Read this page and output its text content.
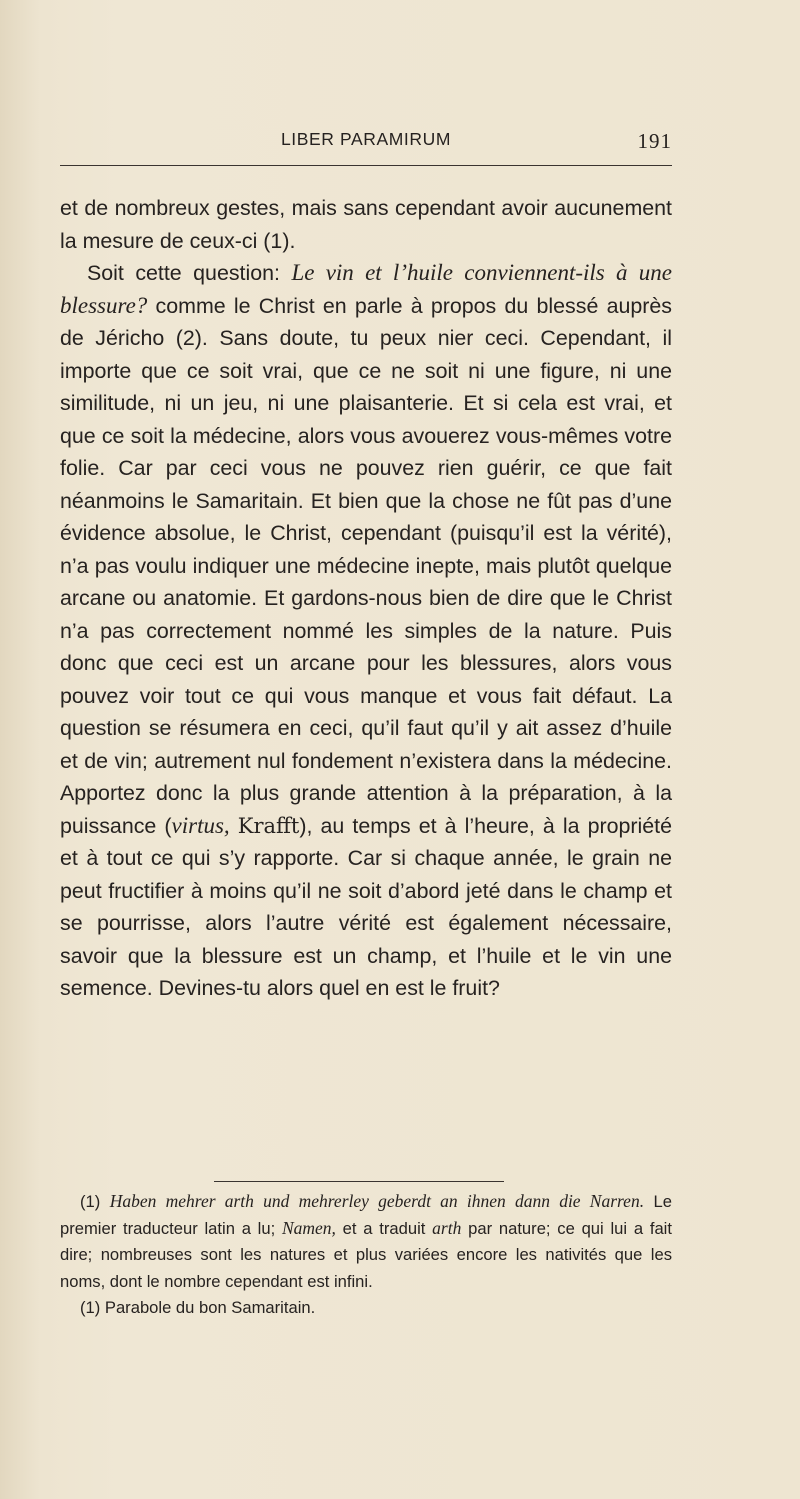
LIBER PARAMIRUM	191

et de nombreux gestes, mais sans cependant avoir aucunement la mesure de ceux-ci (1).

Soit cette question: Le vin et l’huile conviennent-ils à une blessure? comme le Christ en parle à propos du blessé auprès de Jéricho (2). Sans doute, tu peux nier ceci. Cependant, il importe que ce soit vrai, que ce ne soit ni une figure, ni une similitude, ni un jeu, ni une plaisanterie. Et si cela est vrai, et que ce soit la médecine, alors vous avouerez vous-mêmes votre folie. Car par ceci vous ne pouvez rien guérir, ce que fait néanmoins le Samaritain. Et bien que la chose ne fût pas d’une évidence absolue, le Christ, cependant (puisqu’il est la vérité), n’a pas voulu indiquer une médecine inepte, mais plutôt quelque arcane ou anatomie. Et gardons-nous bien de dire que le Christ n’a pas correctement nommé les simples de la nature. Puis donc que ceci est un arcane pour les blessures, alors vous pouvez voir tout ce qui vous manque et vous fait défaut. La question se résumera en ceci, qu’il faut qu’il y ait assez d’huile et de vin; autrement nul fondement n’existera dans la médecine. Apportez donc la plus grande attention à la préparation, à la puissance (virtus, Krafft), au temps et à l’heure, à la propriété et à tout ce qui s’y rapporte. Car si chaque année, le grain ne peut fructifier à moins qu’il ne soit d’abord jeté dans le champ et se pourrisse, alors l’autre vérité est également nécessaire, savoir que la blessure est un champ, et l’huile et le vin une semence. Devines-tu alors quel en est le fruit?

(1) Haben mehrer arth und mehrerley geberdt an ihnen dann die Narren. Le premier traducteur latin a lu; Namen, et a traduit arth par nature; ce qui lui a fait dire; nombreuses sont les natures et plus variées encore les nativités que les noms, dont le nombre cependant est infini.

(1) Parabole du bon Samaritain.
